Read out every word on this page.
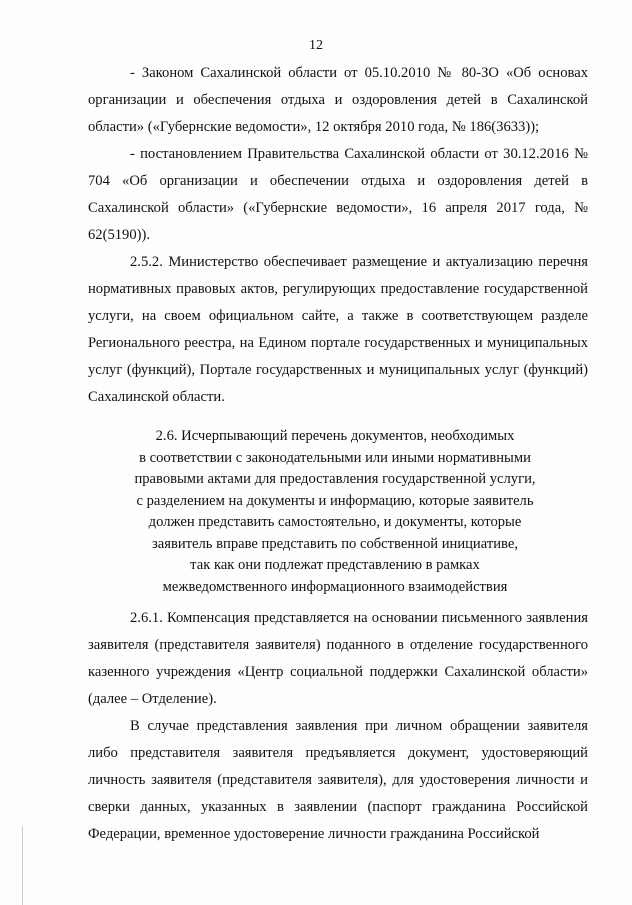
12

- Законом Сахалинской области от 05.10.2010 № 80-ЗО «Об основах организации и обеспечения отдыха и оздоровления детей в Сахалинской области» («Губернские ведомости», 12 октября 2010 года, № 186(3633));

- постановлением Правительства Сахалинской области от 30.12.2016 № 704 «Об организации и обеспечении отдыха и оздоровления детей в Сахалинской области» («Губернские ведомости», 16 апреля 2017 года, № 62(5190)).

2.5.2. Министерство обеспечивает размещение и актуализацию перечня нормативных правовых актов, регулирующих предоставление государственной услуги, на своем официальном сайте, а также в соответствующем разделе Регионального реестра, на Едином портале государственных и муниципальных услуг (функций), Портале государственных и муниципальных услуг (функций) Сахалинской области.

2.6. Исчерпывающий перечень документов, необходимых
в соответствии с законодательными или иными нормативными
правовыми актами для предоставления государственной услуги,
с разделением на документы и информацию, которые заявитель
должен представить самостоятельно, и документы, которые
заявитель вправе представить по собственной инициативе,
так как они подлежат представлению в рамках
межведомственного информационного взаимодействия

2.6.1. Компенсация представляется на основании письменного заявления заявителя (представителя заявителя) поданного в отделение государственного казенного учреждения «Центр социальной поддержки Сахалинской области» (далее – Отделение).

В случае представления заявления при личном обращении заявителя либо представителя заявителя предъявляется документ, удостоверяющий личность заявителя (представителя заявителя), для удостоверения личности и сверки данных, указанных в заявлении (паспорт гражданина Российской Федерации, временное удостоверение личности гражданина Российской
